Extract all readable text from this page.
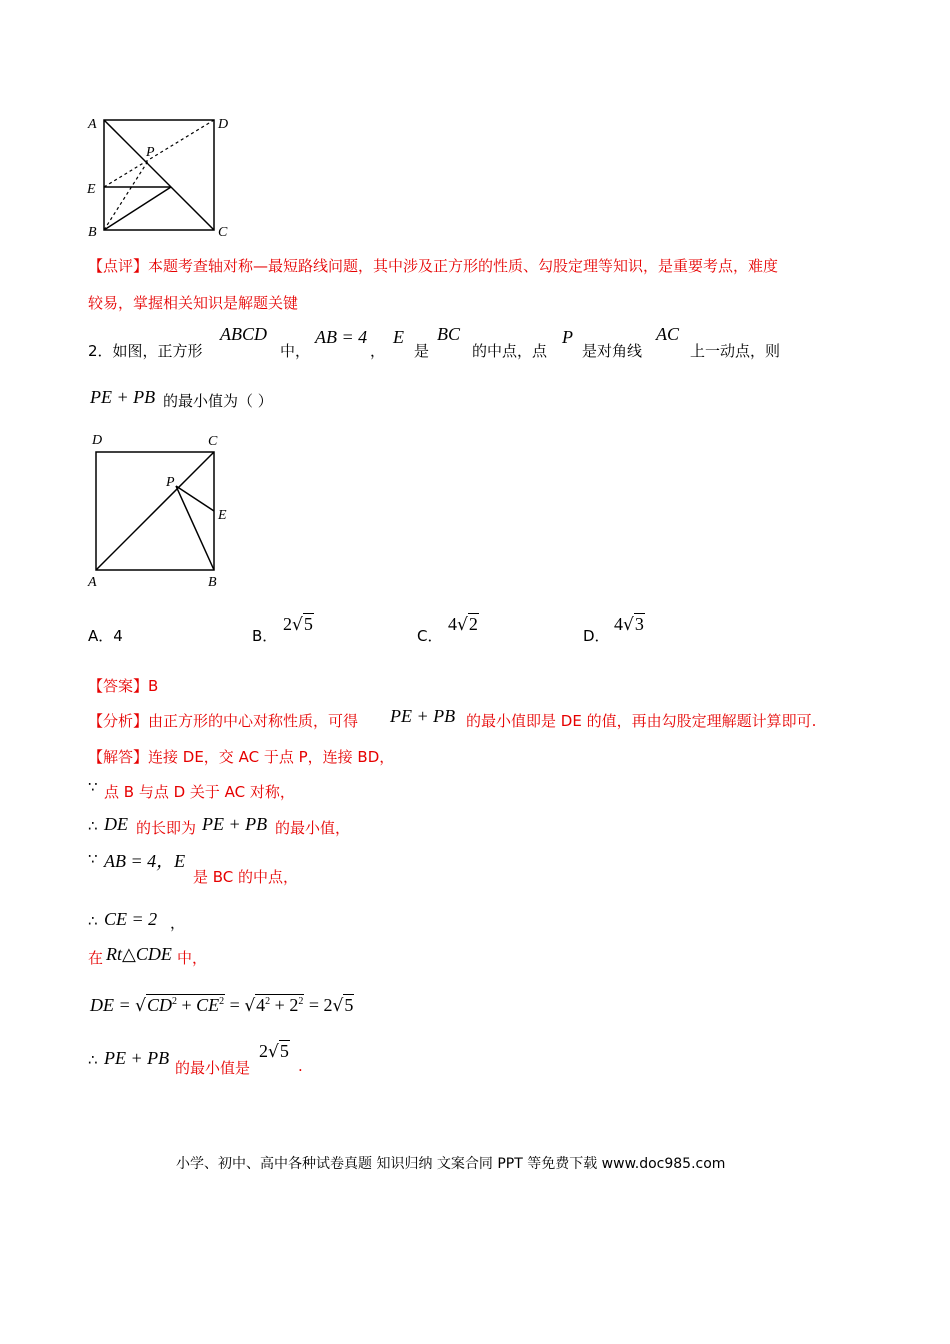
A	D
P
E
B	C
【点评】本题考查轴对称—最短路线问题，其中涉及正方形的性质、勾股定理等知识，是重要考点，难度
较易，掌握相关知识是解题关键
2．如图，正方形
ABCD
中，
AB = 4
，
E
是
BC
的中点，点
P
是对角线
AC
上一动点，则
PE + PB 的最小值为（ ）
D	C
P
E
A	B
A．4	B．
2√5
C．
4√2
D．
4√3
【答案】B
【分析】由正方形的中心对称性质，可得 PE + PB 的最小值即是 DE 的值，再由勾股定理解题计算即可.
【解答】连接 DE，交 AC 于点 P，连接 BD，
∵ 点 B 与点 D 关于 AC 对称，
∴ DE 的长即为 PE + PB 的最小值，
∵ AB = 4，E
是 BC 的中点，
∴ CE = 2 ，
在 Rt△CDE 中，
DE = $√CD^2 + CE^2 = √4^2 + 2^2 = 2√5$
∴ PE + PB 的最小值是
2√5
.
小学、初中、高中各种试卷真题 知识归纳 文案合同 PPT 等免费下载 www.doc985.com
